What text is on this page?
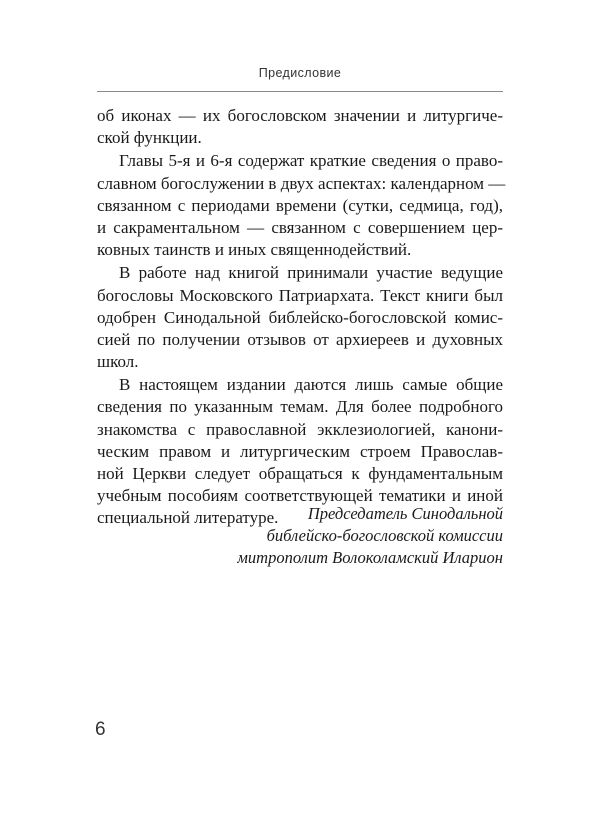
Предисловие
об иконах — их богословском значении и литургиче-
ской функции.
Главы 5-я и 6-я содержат краткие сведения о право-
славном богослужении в двух аспектах: календарном —
связанном с периодами времени (сутки, седмица, год),
и сакраментальном — связанном с совершением цер-
ковных таинств и иных священнодействий.
В работе над книгой принимали участие ведущие
богословы Московского Патриархата. Текст книги был
одобрен Синодальной библейско-богословской комис-
сией по получении отзывов от архиереев и духовных
школ.
В настоящем издании даются лишь самые общие
сведения по указанным темам. Для более подробного
знакомства с православной экклезиологией, канони-
ческим правом и литургическим строем Православ-
ной Церкви следует обращаться к фундаментальным
учебным пособиям соответствующей тематики и иной
специальной литературе.	Председатель Синодальной
библейско-богословской комиссии
митрополит Волоколамский Иларион
6
